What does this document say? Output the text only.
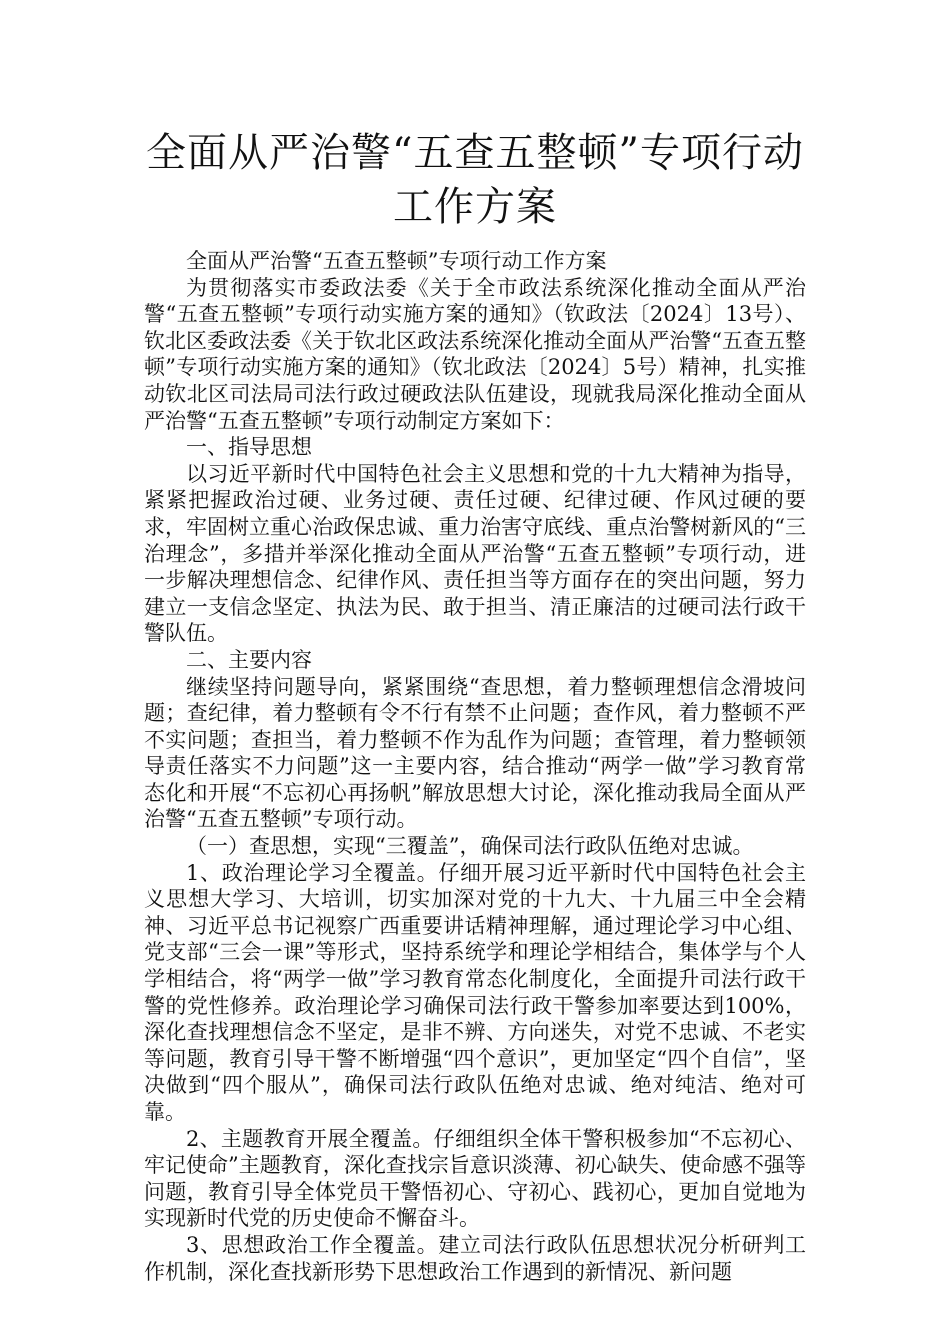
全面从严治警“五查五整顿”专项行动工作方案

全面从严治警“五查五整顿”专项行动工作方案

为贯彻落实市委政法委《关于全市政法系统深化推动全面从严治警“五查五整顿”专项行动实施方案的通知》（钦政法〔2024〕13号）、钦北区委政法委《关于钦北区政法系统深化推动全面从严治警“五查五整顿”专项行动实施方案的通知》（钦北政法〔2024〕5号）精神，扎实推动钦北区司法局司法行政过硬政法队伍建设，现就我局深化推动全面从严治警“五查五整顿”专项行动制定方案如下：

一、指导思想

以习近平新时代中国特色社会主义思想和党的十九大精神为指导，紧紧把握政治过硬、业务过硬、责任过硬、纪律过硬、作风过硬的要求，牢固树立重心治政保忠诚、重力治害守底线、重点治警树新风的“三治理念”，多措并举深化推动全面从严治警“五查五整顿”专项行动，进一步解决理想信念、纪律作风、责任担当等方面存在的突出问题，努力建立一支信念坚定、执法为民、敢于担当、清正廉洁的过硬司法行政干警队伍。

二、主要内容

继续坚持问题导向，紧紧围绕“查思想，着力整顿理想信念滑坡问题；查纪律，着力整顿有令不行有禁不止问题；查作风，着力整顿不严不实问题；查担当，着力整顿不作为乱作为问题；查管理，着力整顿领导责任落实不力问题”这一主要内容，结合推动“两学一做”学习教育常态化和开展“不忘初心再扬帆”解放思想大讨论，深化推动我局全面从严治警“五查五整顿”专项行动。

（一）查思想，实现“三覆盖”，确保司法行政队伍绝对忠诚。

1、政治理论学习全覆盖。仔细开展习近平新时代中国特色社会主义思想大学习、大培训，切实加深对党的十九大、十九届三中全会精神、习近平总书记视察广西重要讲话精神理解，通过理论学习中心组、党支部“三会一课”等形式，坚持系统学和理论学相结合，集体学与个人学相结合，将“两学一做”学习教育常态化制度化，全面提升司法行政干警的党性修养。政治理论学习确保司法行政干警参加率要达到100%，深化查找理想信念不坚定，是非不辨、方向迷失，对党不忠诚、不老实等问题，教育引导干警不断增强“四个意识”，更加坚定“四个自信”，坚决做到“四个服从”，确保司法行政队伍绝对忠诚、绝对纯洁、绝对可靠。

2、主题教育开展全覆盖。仔细组织全体干警积极参加“不忘初心、牢记使命”主题教育，深化查找宗旨意识淡薄、初心缺失、使命感不强等问题，教育引导全体党员干警悟初心、守初心、践初心，更加自觉地为实现新时代党的历史使命不懈奋斗。

3、思想政治工作全覆盖。建立司法行政队伍思想状况分析研判工作机制，深化查找新形势下思想政治工作遇到的新情况、新问题
